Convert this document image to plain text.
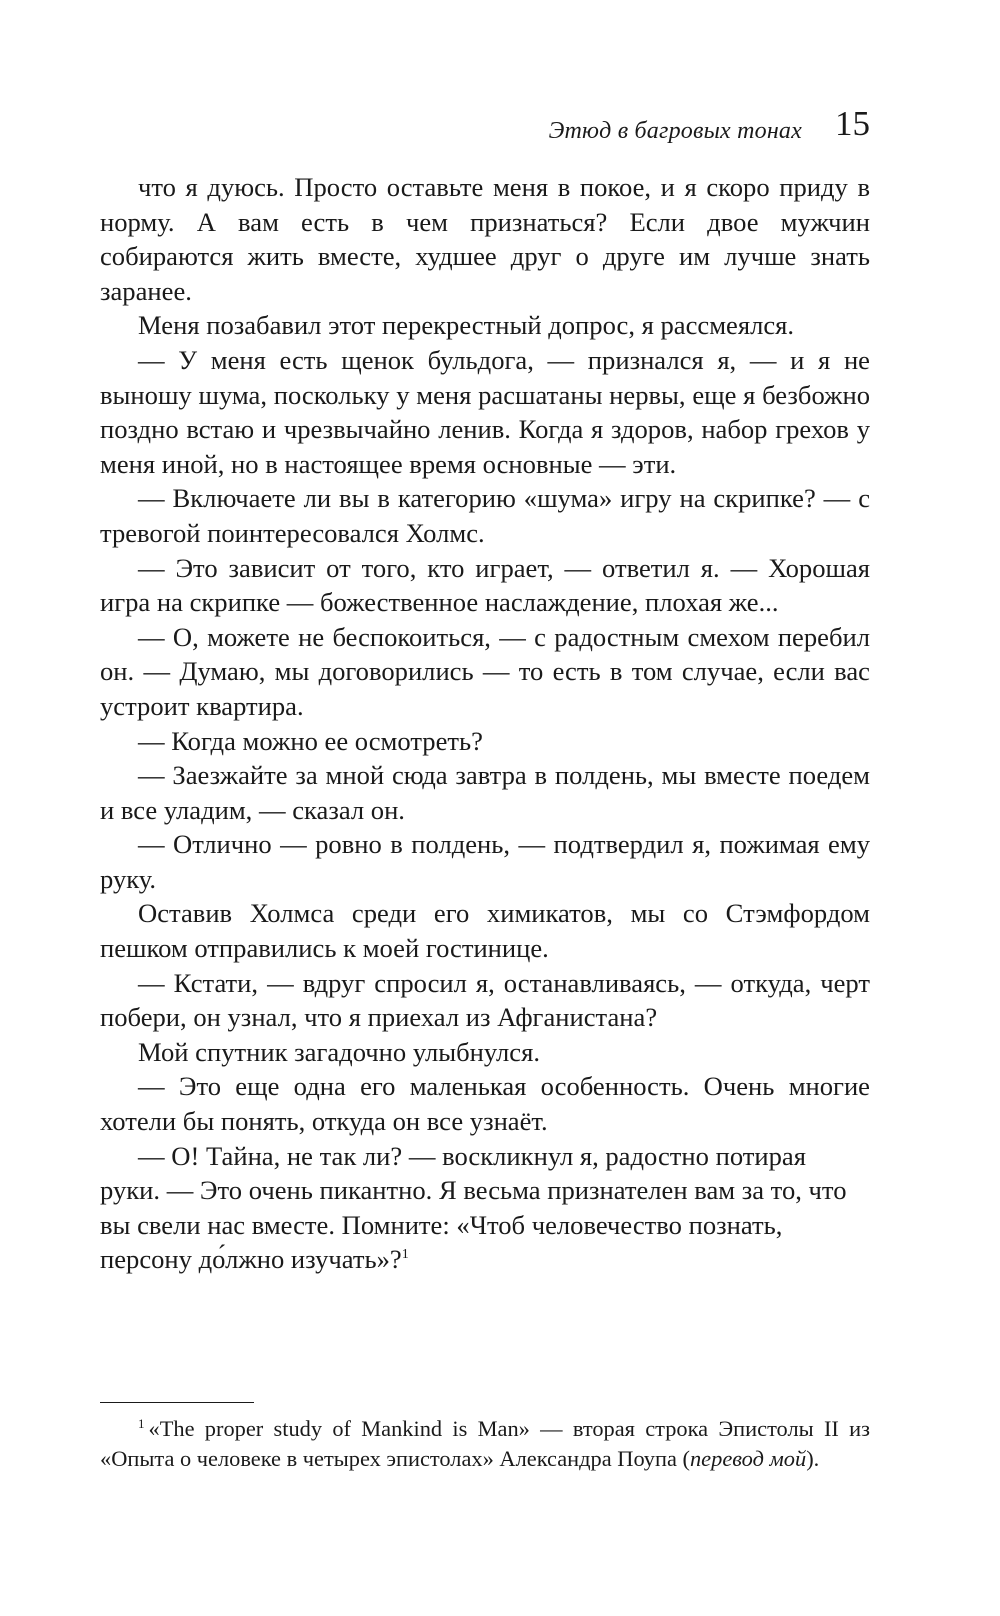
Этюд в багровых тонах 15

что я дуюсь. Просто оставьте меня в покое, и я скоро приду в норму. А вам есть в чем признаться? Если двое мужчин собираются жить вместе, худшее друг о друге им лучше знать заранее.

Меня позабавил этот перекрестный допрос, я рассмеялся.

— У меня есть щенок бульдога, — признался я, — и я не выношу шума, поскольку у меня расшатаны нервы, еще я безбожно поздно встаю и чрезвычайно ленив. Когда я здоров, набор грехов у меня иной, но в настоящее время основные — эти.

— Включаете ли вы в категорию «шума» игру на скрипке? — с тревогой поинтересовался Холмс.

— Это зависит от того, кто играет, — ответил я. — Хорошая игра на скрипке — божественное наслаждение, плохая же...

— О, можете не беспокоиться, — с радостным смехом перебил он. — Думаю, мы договорились — то есть в том случае, если вас устроит квартира.

— Когда можно ее осмотреть?

— Заезжайте за мной сюда завтра в полдень, мы вместе поедем и все уладим, — сказал он.

— Отлично — ровно в полдень, — подтвердил я, пожимая ему руку.

Оставив Холмса среди его химикатов, мы со Стэмфордом пешком отправились к моей гостинице.

— Кстати, — вдруг спросил я, останавливаясь, — откуда, черт побери, он узнал, что я приехал из Афганистана?

Мой спутник загадочно улыбнулся.

— Это еще одна его маленькая особенность. Очень многие хотели бы понять, откуда он все узнаёт.

— О! Тайна, не так ли? — воскликнул я, радостно потирая руки. — Это очень пикантно. Я весьма признателен вам за то, что вы свели нас вместе. Помните: «Чтоб человечество познать, персону до́лжно изучать»?$^1$

$^1$ «The proper study of Mankind is Man» — вторая строка Эпистолы II из «Опыта о человеке в четырех эпистолах» Александра Поупа (перевод мой).
